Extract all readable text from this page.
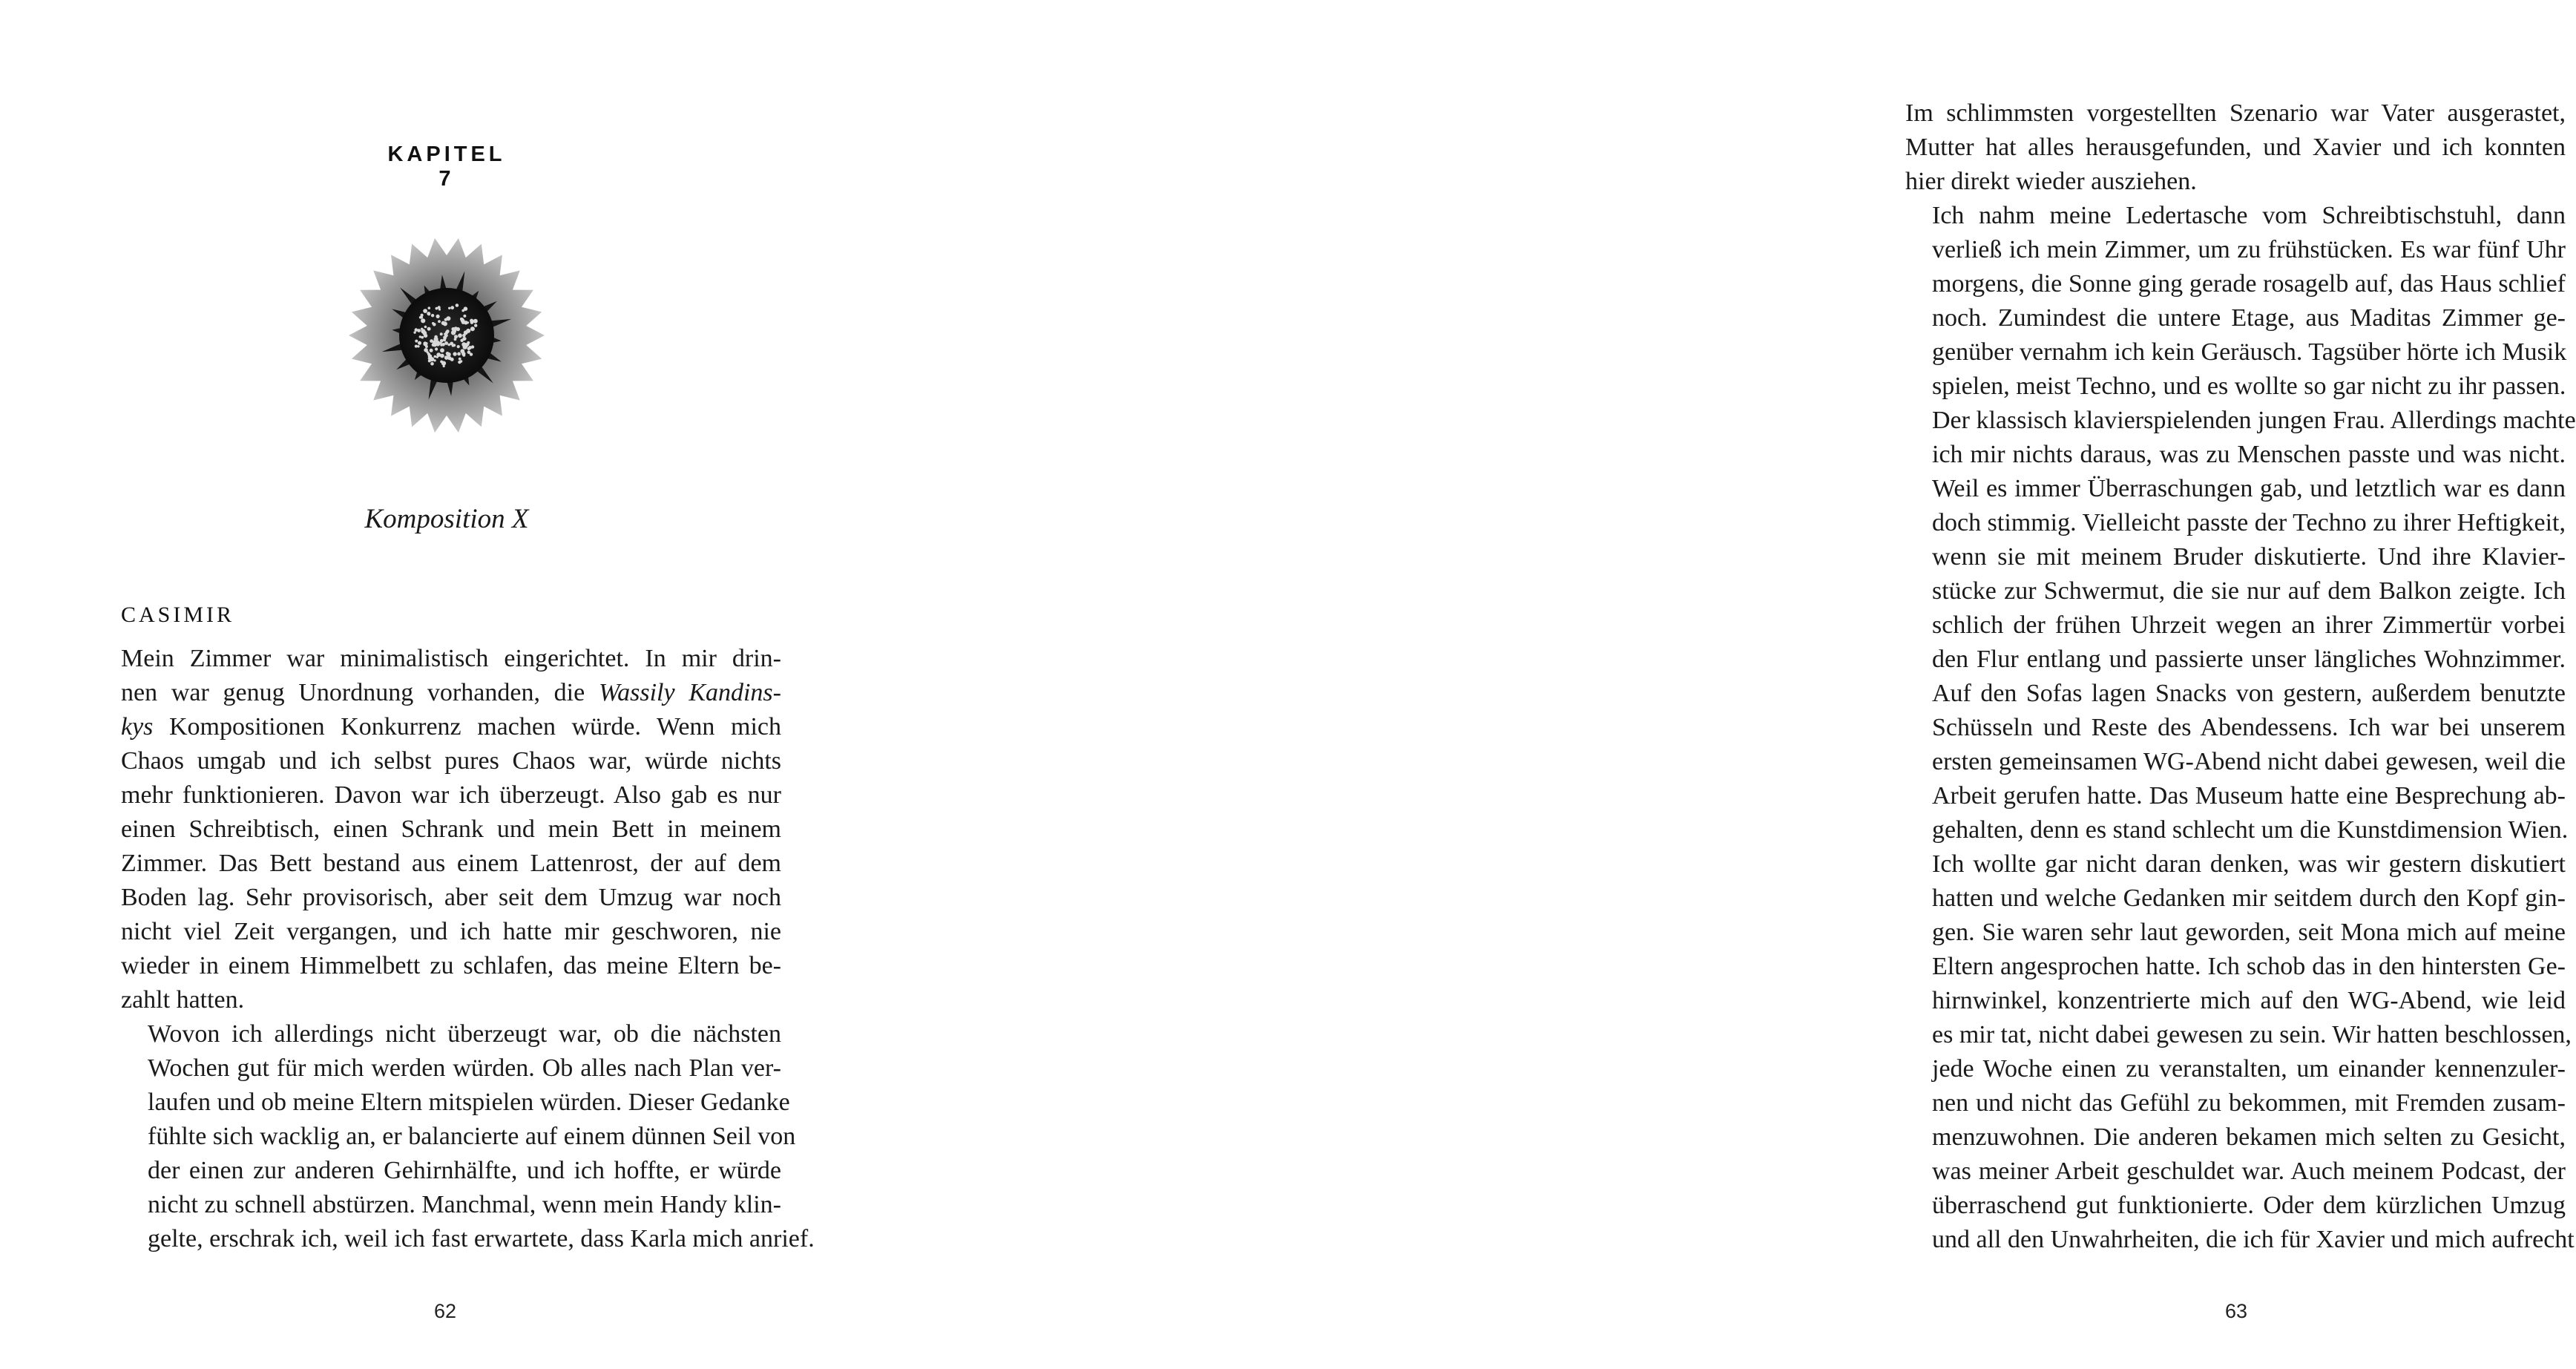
KAPITEL 7
Komposition X
CASIMIR
Mein Zimmer war minimalistisch eingerichtet. In mir drin-
nen war genug Unordnung vorhanden, die Wassily Kandins-
kys Kompositionen Konkurrenz machen würde. Wenn mich
Chaos umgab und ich selbst pures Chaos war, würde nichts
mehr funktionieren. Davon war ich überzeugt. Also gab es nur
einen Schreibtisch, einen Schrank und mein Bett in meinem
Zimmer. Das Bett bestand aus einem Lattenrost, der auf dem
Boden lag. Sehr provisorisch, aber seit dem Umzug war noch
nicht viel Zeit vergangen, und ich hatte mir geschworen, nie
wieder in einem Himmelbett zu schlafen, das meine Eltern be-
zahlt hatten.
Wovon ich allerdings nicht überzeugt war, ob die nächsten
Wochen gut für mich werden würden. Ob alles nach Plan ver-
laufen und ob meine Eltern mitspielen würden. Dieser Gedanke
fühlte sich wacklig an, er balancierte auf einem dünnen Seil von
der einen zur anderen Gehirnhälfte, und ich hoffte, er würde
nicht zu schnell abstürzen. Manchmal, wenn mein Handy klin-
gelte, erschrak ich, weil ich fast erwartete, dass Karla mich anrief.
62
Im schlimmsten vorgestellten Szenario war Vater ausgerastet,
Mutter hat alles herausgefunden, und Xavier und ich konnten
hier direkt wieder ausziehen.
Ich nahm meine Ledertasche vom Schreibtischstuhl, dann
verließ ich mein Zimmer, um zu frühstücken. Es war fünf Uhr
morgens, die Sonne ging gerade rosagelb auf, das Haus schlief
noch. Zumindest die untere Etage, aus Maditas Zimmer ge-
genüber vernahm ich kein Geräusch. Tagsüber hörte ich Musik
spielen, meist Techno, und es wollte so gar nicht zu ihr passen.
Der klassisch klavierspielenden jungen Frau. Allerdings machte
ich mir nichts daraus, was zu Menschen passte und was nicht.
Weil es immer Überraschungen gab, und letztlich war es dann
doch stimmig. Vielleicht passte der Techno zu ihrer Heftigkeit,
wenn sie mit meinem Bruder diskutierte. Und ihre Klavier-
stücke zur Schwermut, die sie nur auf dem Balkon zeigte. Ich
schlich der frühen Uhrzeit wegen an ihrer Zimmertür vorbei
den Flur entlang und passierte unser längliches Wohnzimmer.
Auf den Sofas lagen Snacks von gestern, außerdem benutzte
Schüsseln und Reste des Abendessens. Ich war bei unserem
ersten gemeinsamen WG-Abend nicht dabei gewesen, weil die
Arbeit gerufen hatte. Das Museum hatte eine Besprechung ab-
gehalten, denn es stand schlecht um die Kunstdimension Wien.
Ich wollte gar nicht daran denken, was wir gestern diskutiert
hatten und welche Gedanken mir seitdem durch den Kopf gin-
gen. Sie waren sehr laut geworden, seit Mona mich auf meine
Eltern angesprochen hatte. Ich schob das in den hintersten Ge-
hirnwinkel, konzentrierte mich auf den WG-Abend, wie leid
es mir tat, nicht dabei gewesen zu sein. Wir hatten beschlossen,
jede Woche einen zu veranstalten, um einander kennenzuler-
nen und nicht das Gefühl zu bekommen, mit Fremden zusam-
menzuwohnen. Die anderen bekamen mich selten zu Gesicht,
was meiner Arbeit geschuldet war. Auch meinem Podcast, der
überraschend gut funktionierte. Oder dem kürzlichen Umzug
und all den Unwahrheiten, die ich für Xavier und mich aufrecht
63
